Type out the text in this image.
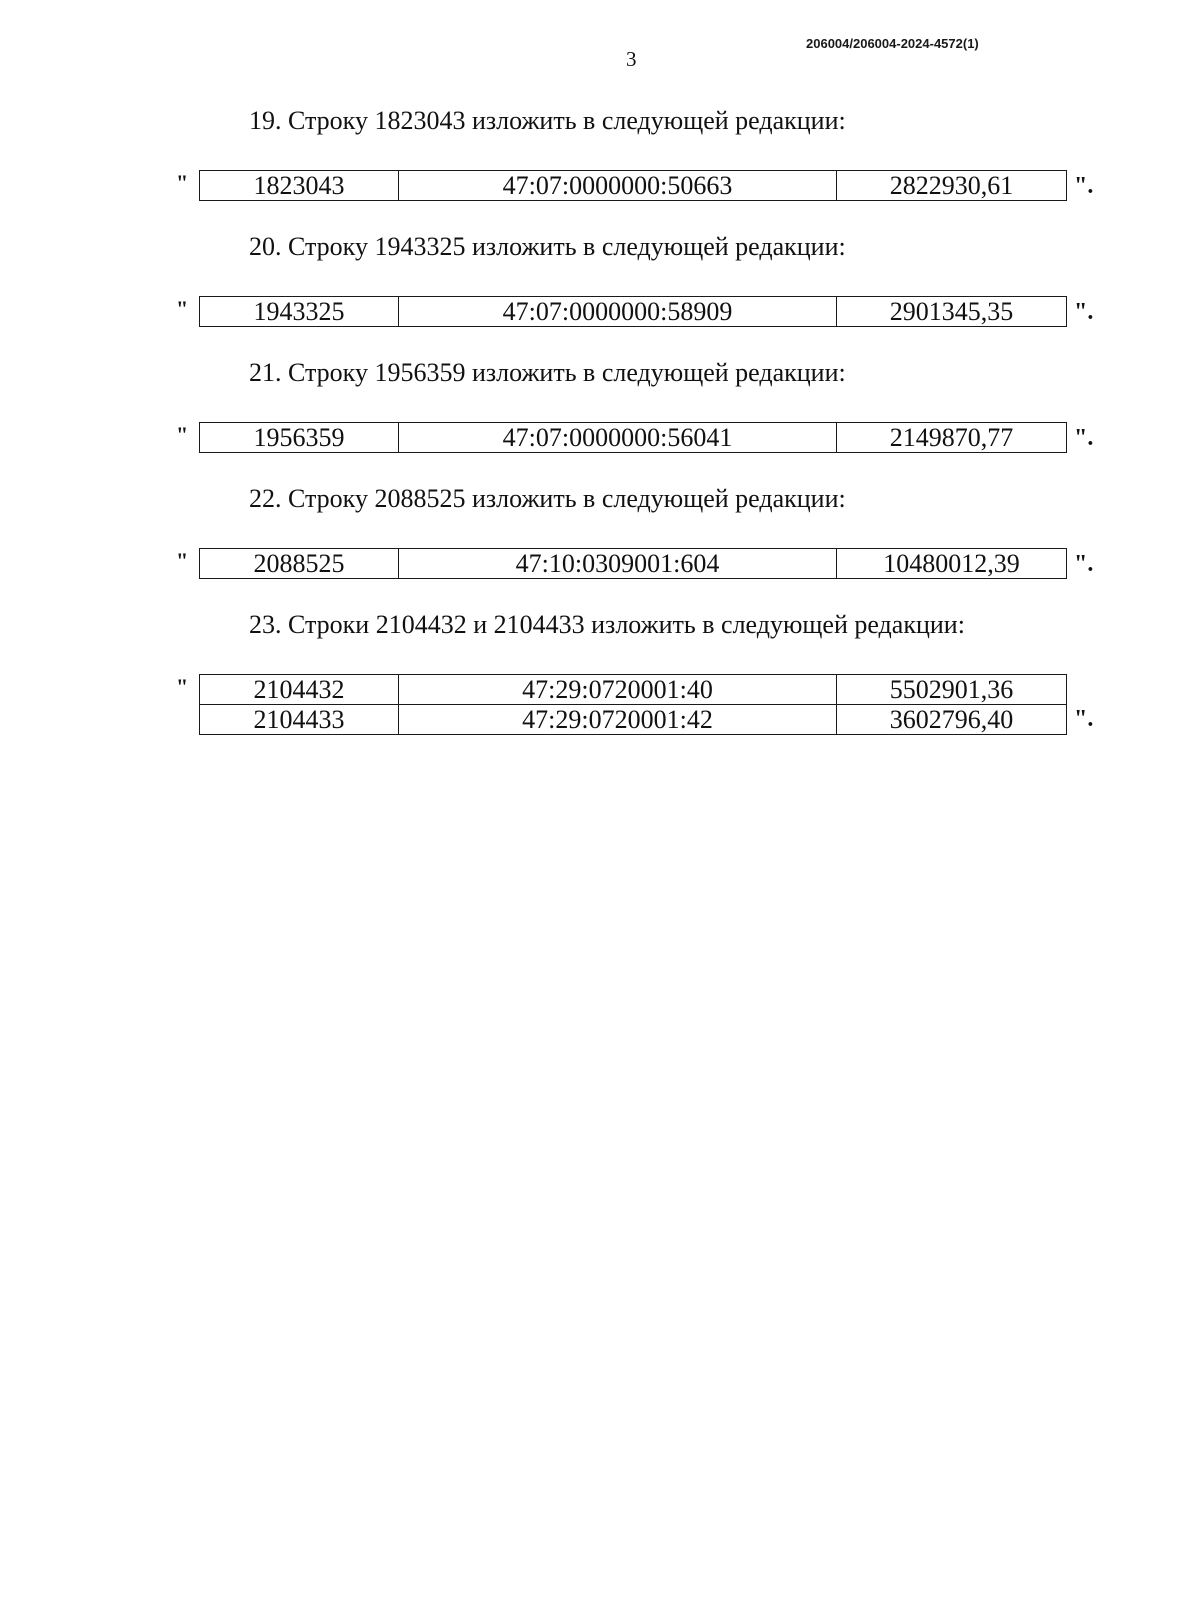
206004/206004-2024-4572(1)
3
19. Строку 1823043 изложить в следующей редакции:
"	1823043	47:07:0000000:50663	2822930,61	".
20. Строку 1943325 изложить в следующей редакции:
"	1943325	47:07:0000000:58909	2901345,35	".
21. Строку 1956359 изложить в следующей редакции:
"	1956359	47:07:0000000:56041	2149870,77	".
22. Строку 2088525 изложить в следующей редакции:
"	2088525	47:10:0309001:604	10480012,39 ".
23. Строки 2104432 и 2104433 изложить в следующей редакции:
"	2104432	47:29:0720001:40	5502901,36
2104433	47:29:0720001:42	3602796,40	".
